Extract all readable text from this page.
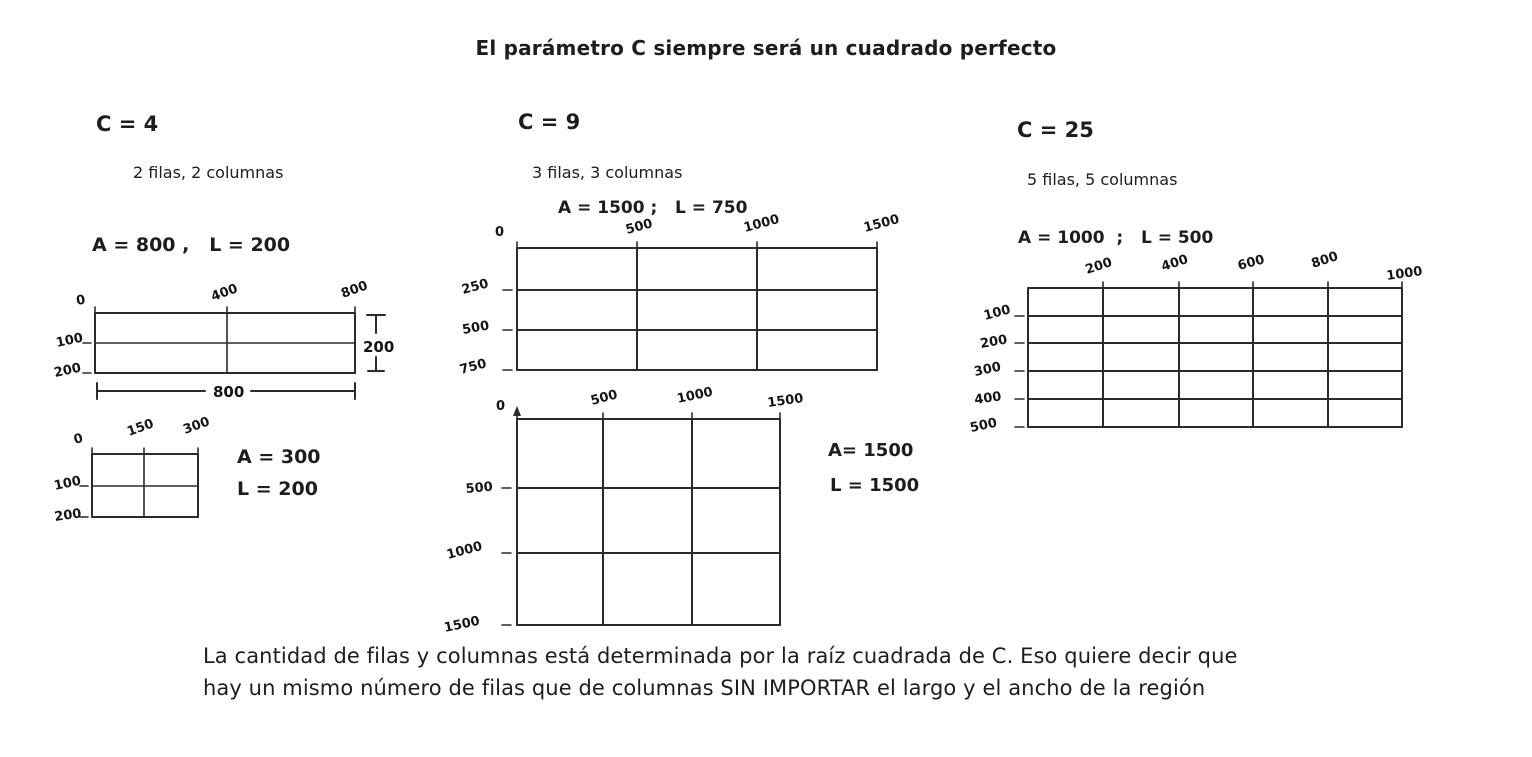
El parámetro C siempre será un cuadrado perfecto
C = 4
2 filas, 2 columnas
A = 800 ,   L = 200
0	400	800
100
200
200
800
0	150 300
100
200
A = 300
L = 200
C = 9
3 filas, 3 columnas
A = 1500 ;   L = 750
0	500	1000	1500
250
500
750
0	500	1000	1500
500
1000
1500
A= 1500
L = 1500
C = 25
5 filas, 5 columnas
A = 1000  ;   L = 500
200	400	600	800
1000
100
200
300
400
500
La cantidad de filas y columnas está determinada por la raíz cuadrada de C. Eso quiere decir que
hay un mismo número de filas que de columnas SIN IMPORTAR el largo y el ancho de la región
